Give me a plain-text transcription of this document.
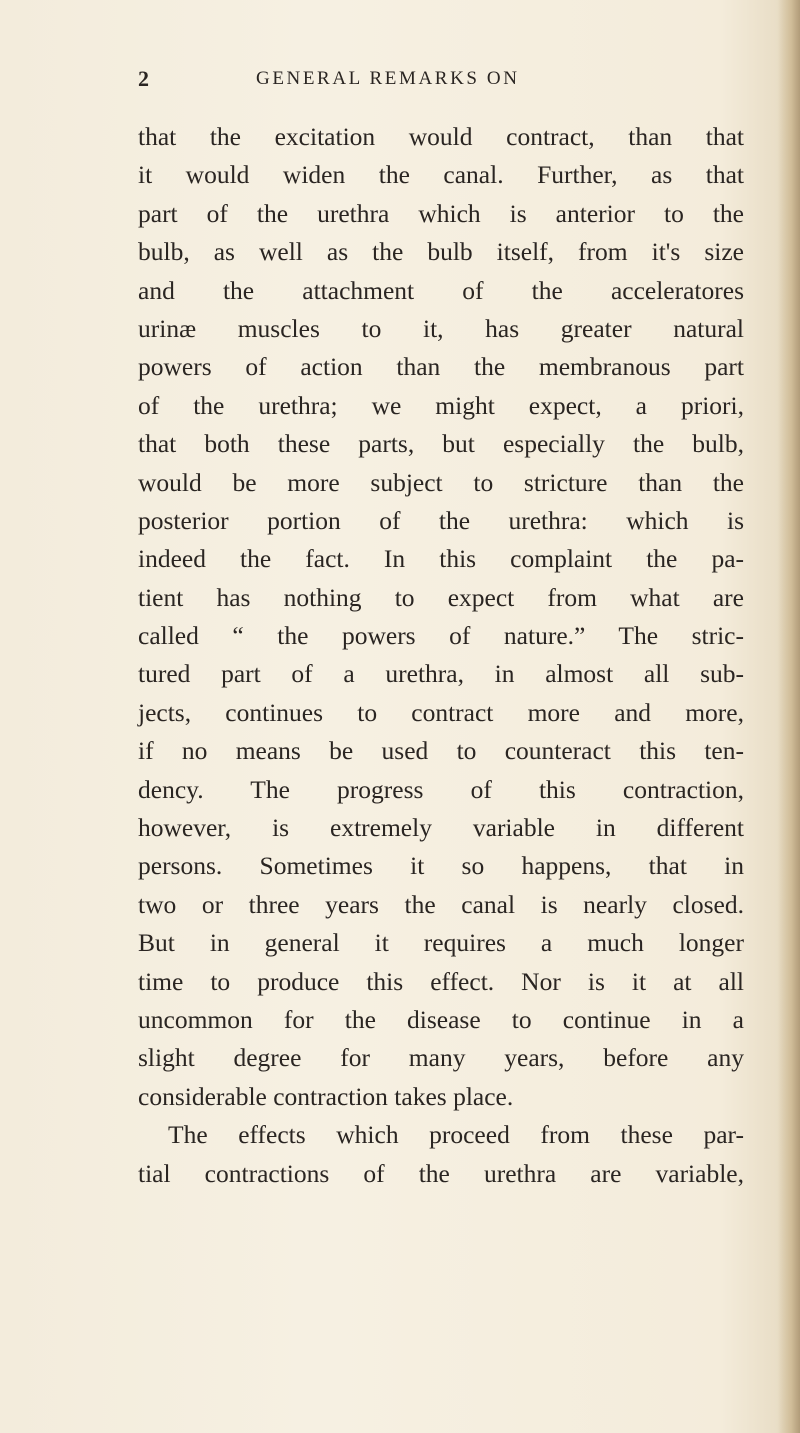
2	GENERAL REMARKS ON
that the excitation would contract, than that
it would widen the canal. Further, as that
part of the urethra which is anterior to the
bulb, as well as the bulb itself, from it's size
and the attachment of the acceleratores
urinæ muscles to it, has greater natural
powers of action than the membranous part
of the urethra; we might expect, a priori,
that both these parts, but especially the bulb,
would be more subject to stricture than the
posterior portion of the urethra: which is
indeed the fact. In this complaint the pa-
tient has nothing to expect from what are
called “ the powers of nature.” The stric-
tured part of a urethra, in almost all sub-
jects, continues to contract more and more,
if no means be used to counteract this ten-
dency. The progress of this contraction,
however, is extremely variable in different
persons. Sometimes it so happens, that in
two or three years the canal is nearly closed.
But in general it requires a much longer
time to produce this effect. Nor is it at all
uncommon for the disease to continue in a
slight degree for many years, before any
considerable contraction takes place.
The effects which proceed from these par-
tial contractions of the urethra are variable,
